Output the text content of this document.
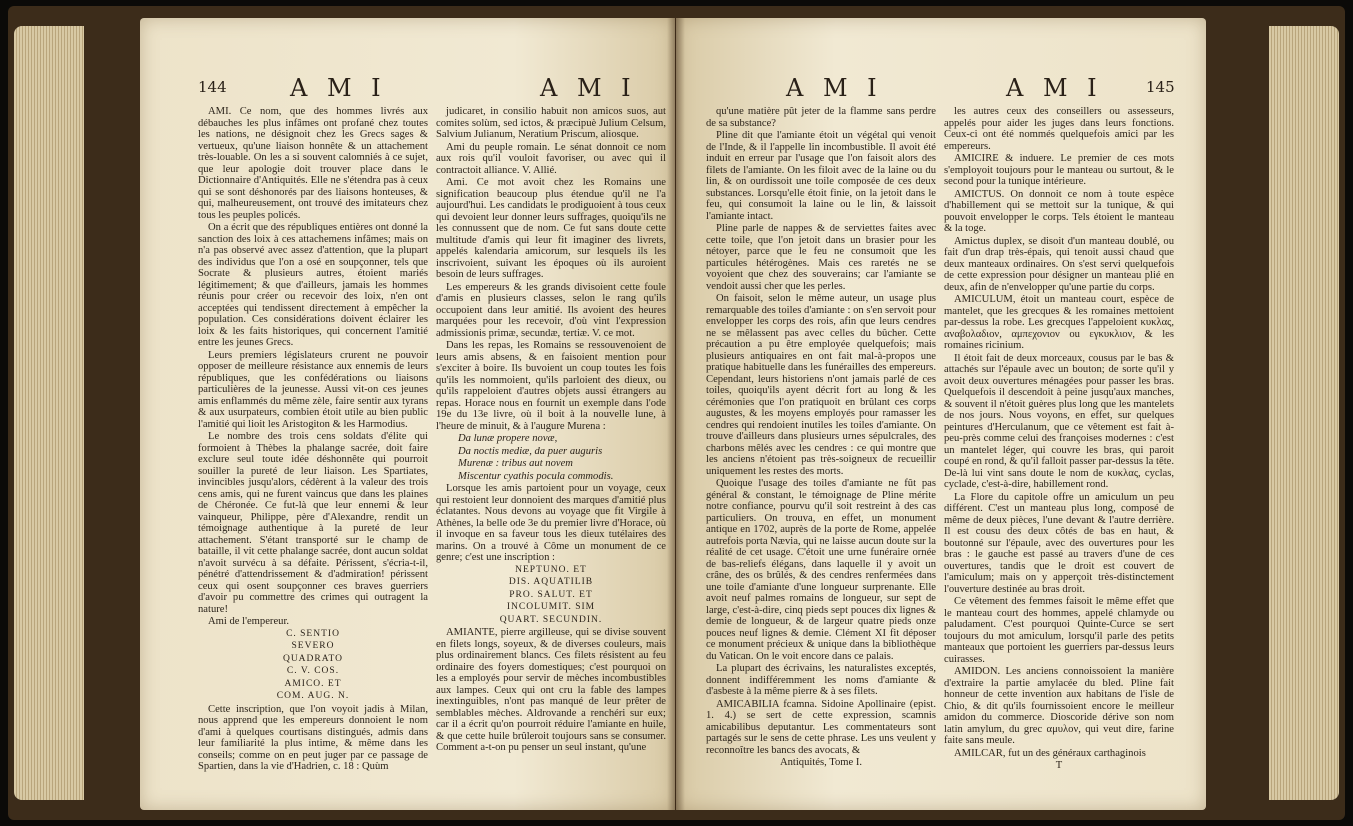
144	A M I	A M I

AMI. Ce nom, que des hommes livrés aux débauches les plus infâmes ont profané chez toutes les nations, ne désignoit chez les Grecs sages & vertueux, qu'une liaison honnête & un attachement très-louable. On les a si souvent calomniés à ce sujet, que leur apologie doit trouver place dans le Dictionnaire d'Antiquités. Elle ne s'étendra pas à ceux qui se sont déshonorés par des liaisons honteuses, & qui, malheureusement, ont trouvé des imitateurs chez tous les peuples policés.

On a écrit que des républiques entières ont donné la sanction des loix à ces attachemens infâmes; mais on n'a pas observé avec assez d'attention, que la plupart des individus que l'on a osé en soupçonner, tels que Socrate & plusieurs autres, étoient mariés légitimement; & que d'ailleurs, jamais les hommes réunis pour créer ou recevoir des loix, n'en ont acceptées qui tendissent directement à empêcher la population. Ces considérations doivent éclairer les loix & les faits historiques, qui concernent l'amitié entre les jeunes Grecs.

Leurs premiers législateurs crurent ne pouvoir opposer de meilleure résistance aux ennemis de leurs républiques, que les confédérations ou liaisons particulières de la jeunesse. Aussi vit-on ces jeunes amis enflammés du même zèle, faire sentir aux tyrans & aux usurpateurs, combien étoit utile au bien public l'amitié qui lioit les Aristogiton & les Harmodius.

Le nombre des trois cens soldats d'élite qui formoient à Thèbes la phalange sacrée, doit faire exclure seul toute idée déshonnête qui pourroit souiller la pureté de leur liaison. Les Spartiates, invincibles jusqu'alors, cédèrent à la valeur des trois cens amis, qui ne furent vaincus que dans les plaines de Chéronée. Ce fut-là que leur ennemi & leur vainqueur, Philippe, père d'Alexandre, rendit un témoignage authentique à la pureté de leur attachement. S'étant transporté sur le champ de bataille, il vit cette phalange sacrée, dont aucun soldat n'avoit survécu à sa défaite. Périssent, s'écria-t-il, pénétré d'attendrissement & d'admiration! périssent ceux qui osent soupçonner ces braves guerriers d'avoir pu commettre des crimes qui outragent la nature!

Ami de l'empereur.

C. SENTIO

SEVERO

QUADRATO

C. V. COS.

AMICO. ET

COM. AUG. N.

Cette inscription, que l'on voyoit jadis à Milan, nous apprend que les empereurs donnoient le nom d'ami à quelques courtisans distingués, admis dans leur familiarité la plus intime, & même dans les conseils; comme on en peut juger par ce passage de Spartien, dans la vie d'Hadrien, c. 18 : Quùm

judicaret, in consilio habuit non amicos suos, aut comites solùm, sed ictos, & præcipuè Julium Celsum, Salvium Julianum, Neratium Priscum, aliosque.

Ami du peuple romain. Le sénat donnoit ce nom aux rois qu'il vouloit favoriser, ou avec qui il contractoit alliance. V. Allié.

Ami. Ce mot avoit chez les Romains une signification beaucoup plus étendue qu'il ne l'a aujourd'hui. Les candidats le prodiguoient à tous ceux qui devoient leur donner leurs suffrages, quoiqu'ils ne les connussent que de nom. Ce fut sans doute cette multitude d'amis qui leur fit imaginer des livrets, appelés kalendaria amicorum, sur lesquels ils les inscrivoient, suivant les époques où ils auroient besoin de leurs suffrages.

Les empereurs & les grands divisoient cette foule d'amis en plusieurs classes, selon le rang qu'ils occupoient dans leur amitié. Ils avoient des heures marquées pour les recevoir, d'où vint l'expression admissionis primæ, secundæ, tertiæ. V. ce mot.

Dans les repas, les Romains se ressouvenoient de leurs amis absens, & en faisoient mention pour s'exciter à boire. Ils buvoient un coup toutes les fois qu'ils les nommoient, qu'ils parloient des dieux, ou qu'ils rappeloient d'autres objets aussi étrangers au repas. Horace nous en fournit un exemple dans l'ode 19e du 13e livre, où il boit à la nouvelle lune, à l'heure de minuit, & à l'augure Murena :

Da lunæ propere novæ,

Da noctis mediæ, da puer auguris

Murenæ : tribus aut novem

Miscentur cyathis pocula commodis.

Lorsque les amis partoient pour un voyage, ceux qui restoient leur donnoient des marques d'amitié plus éclatantes. Nous devons au voyage que fit Virgile à Athènes, la belle ode 3e du premier livre d'Horace, où il invoque en sa faveur tous les dieux tutélaires des marins. On a trouvé à Côme un monument de ce genre; c'est une inscription :

NEPTUNO. ET

DIS. AQUATILIB

PRO. SALUT. ET

INCOLUMIT. SIM

QUART. SECUNDIN.

AMIANTE, pierre argilleuse, qui se divise souvent en filets longs, soyeux, & de diverses couleurs, mais plus ordinairement blancs. Ces filets résistent au feu ordinaire des foyers domestiques; c'est pourquoi on les a employés pour servir de mèches incombustibles aux lampes. Ceux qui ont cru la fable des lampes inextinguibles, n'ont pas manqué de leur prêter de semblables mèches. Aldrovande a renchéri sur eux; car il a écrit qu'on pourroit réduire l'amiante en huile, & que cette huile brûleroit toujours sans se consumer. Comment a-t-on pu penser un seul instant, qu'une

A M I	A M I	145

qu'une matière pût jeter de la flamme sans perdre de sa substance?

Pline dit que l'amiante étoit un végétal qui venoit de l'Inde, & il l'appelle lin incombustible. Il avoit été induit en erreur par l'usage que l'on faisoit alors des filets de l'amiante. On les filoit avec de la laine ou du lin, & on ourdissoit une toile composée de ces deux substances. Lorsqu'elle étoit finie, on la jetoit dans le feu, qui consumoit la laine ou le lin, & laissoit l'amiante intact.

Pline parle de nappes & de serviettes faites avec cette toile, que l'on jetoit dans un brasier pour les nétoyer, parce que le feu ne consumoit que les particules hétérogènes. Mais ces raretés ne se voyoient que chez des souverains; car l'amiante se vendoit aussi cher que les perles.

On faisoit, selon le même auteur, un usage plus remarquable des toiles d'amiante : on s'en servoit pour envelopper les corps des rois, afin que leurs cendres ne se mêlassent pas avec celles du bûcher. Cette précaution a pu être employée quelquefois; mais plusieurs antiquaires en ont fait mal-à-propos une pratique habituelle dans les funérailles des empereurs. Cependant, leurs historiens n'ont jamais parlé de ces toiles, quoiqu'ils ayent décrit fort au long & les cérémonies que l'on pratiquoit en brûlant ces corps augustes, & les moyens employés pour ramasser les cendres qui rendoient inutiles les toiles d'amiante. On trouve d'ailleurs dans plusieurs urnes sépulcrales, des charbons mêlés avec les cendres : ce qui montre que les anciens n'étoient pas très-soigneux de recueillir uniquement les restes des morts.

Quoique l'usage des toiles d'amiante ne fût pas général & constant, le témoignage de Pline mérite notre confiance, pourvu qu'il soit restreint à des cas particuliers. On trouva, en effet, un monument antique en 1702, auprès de la porte de Rome, appelée autrefois porta Nævia, qui ne laisse aucun doute sur la réalité de cet usage. C'étoit une urne funéraire ornée de bas-reliefs élégans, dans laquelle il y avoit un crâne, des os brûlés, & des cendres renfermées dans une toile d'amiante d'une longueur surprenante. Elle avoit neuf palmes romains de longueur, sur sept de large, c'est-à-dire, cinq pieds sept pouces dix lignes & demie de longueur, & de largeur quatre pieds onze pouces neuf lignes & demie. Clément XI fit déposer ce monument précieux & unique dans la bibliothèque du Vatican. On le voit encore dans ce palais.

La plupart des écrivains, les naturalistes exceptés, donnent indifféremment les noms d'amiante & d'asbeste à la même pierre & à ses filets.

AMICABILIA fcamna. Sidoine Apollinaire (epist. 1. 4.) se sert de cette expression, scamnis amicabilibus deputantur. Les commentateurs sont partagés sur le sens de cette phrase. Les uns veulent y reconnoître les bancs des avocats, &

Antiquités, Tome I.

les autres ceux des conseillers ou assesseurs, appelés pour aider les juges dans leurs fonctions. Ceux-ci ont été nommés quelquefois amici par les empereurs.

AMICIRE & induere. Le premier de ces mots s'employoit toujours pour le manteau ou surtout, & le second pour la tunique intérieure.

AMICTUS. On donnoit ce nom à toute espèce d'habillement qui se mettoit sur la tunique, & qui pouvoit envelopper le corps. Tels étoient le manteau & la toge.

Amictus duplex, se disoit d'un manteau doublé, ou fait d'un drap très-épais, qui tenoit aussi chaud que deux manteaux ordinaires. On s'est servi quelquefois de cette expression pour désigner un manteau plié en deux, afin de n'envelopper qu'une partie du corps.

AMICULUM, étoit un manteau court, espèce de mantelet, que les grecques & les romaines mettoient par-dessus la robe. Les grecques l'appeloient κυκλας, αναβολαδιον, αμπεχονιον ou εγκυκλιον, & les romaines ricinium.

Il étoit fait de deux morceaux, cousus par le bas & attachés sur l'épaule avec un bouton; de sorte qu'il y avoit deux ouvertures ménagées pour passer les bras. Quelquefois il descendoit à peine jusqu'aux manches, & souvent il n'étoit guères plus long que les mantelets de nos jours. Nous voyons, en effet, sur quelques peintures d'Herculanum, que ce vêtement est fait à-peu-près comme celui des françoises modernes : c'est un mantelet léger, qui couvre les bras, qui paroit coupé en rond, & qu'il falloit passer par-dessus la tête. De-là lui vint sans doute le nom de κυκλας, cyclas, cyclade, c'est-à-dire, habillement rond.

La Flore du capitole offre un amiculum un peu différent. C'est un manteau plus long, composé de même de deux pièces, l'une devant & l'autre derrière. Il est cousu des deux côtés de bas en haut, & boutonné sur l'épaule, avec des ouvertures pour les bras : le gauche est passé au travers d'une de ces ouvertures, tandis que le droit est couvert de l'amiculum; mais on y apperçoit très-distinctement l'ouverture destinée au bras droit.

Ce vêtement des femmes faisoit le même effet que le manteau court des hommes, appelé chlamyde ou paludament. C'est pourquoi Quinte-Curce se sert toujours du mot amiculum, lorsqu'il parle des petits manteaux que portoient les guerriers par-dessus leurs cuirasses.

AMIDON. Les anciens connoissoient la manière d'extraire la partie amylacée du bled. Pline fait honneur de cette invention aux habitans de l'isle de Chio, & dit qu'ils fournissoient encore le meilleur amidon du commerce. Dioscoride dérive son nom latin amylum, du grec αμυλον, qui veut dire, farine faite sans meule.

AMILCAR, fut un des généraux carthaginois

T
